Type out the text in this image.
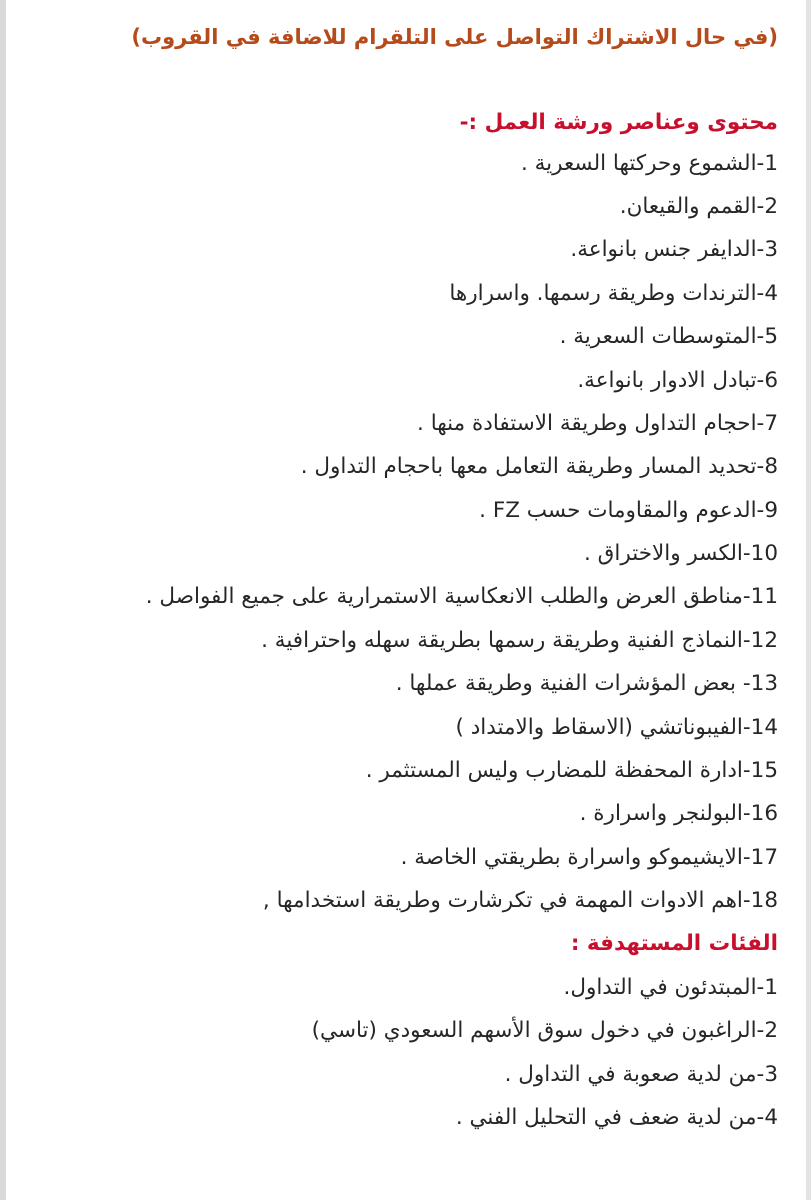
(في حال الاشتراك التواصل على التلقرام للاضافة في القروب)
محتوى وعناصر ورشة العمل :-
1-الشموع وحركتها السعرية .
2-القمم والقيعان.
3-الدايفر جنس بانواعة.
4-الترندات وطريقة رسمها. واسرارها
5-المتوسطات السعرية .
6-تبادل الادوار بانواعة.
7-احجام التداول وطريقة الاستفادة منها .
8-تحديد المسار وطريقة التعامل معها باحجام التداول .
9-الدعوم والمقاومات حسب FZ .
10-الكسر والاختراق .
11-مناطق العرض والطلب الانعكاسية الاستمرارية على جميع الفواصل .
12-النماذج الفنية وطريقة رسمها بطريقة سهله واحترافية .
13- بعض المؤشرات الفنية وطريقة عملها .
14-الفيبوناتشي (الاسقاط والامتداد )
15-ادارة المحفظة للمضارب وليس المستثمر .
16-البولنجر واسرارة .
17-الايشيموكو واسرارة بطريقتي الخاصة .
18-اهم الادوات المهمة في تكرشارت وطريقة استخدامها ,
الفئات المستهدفة :
1-المبتدئون في التداول.
2-الراغبون في دخول سوق الأسهم السعودي (تاسي)
3-من لدية صعوبة في التداول .
4-من لدية ضعف في التحليل الفني .
